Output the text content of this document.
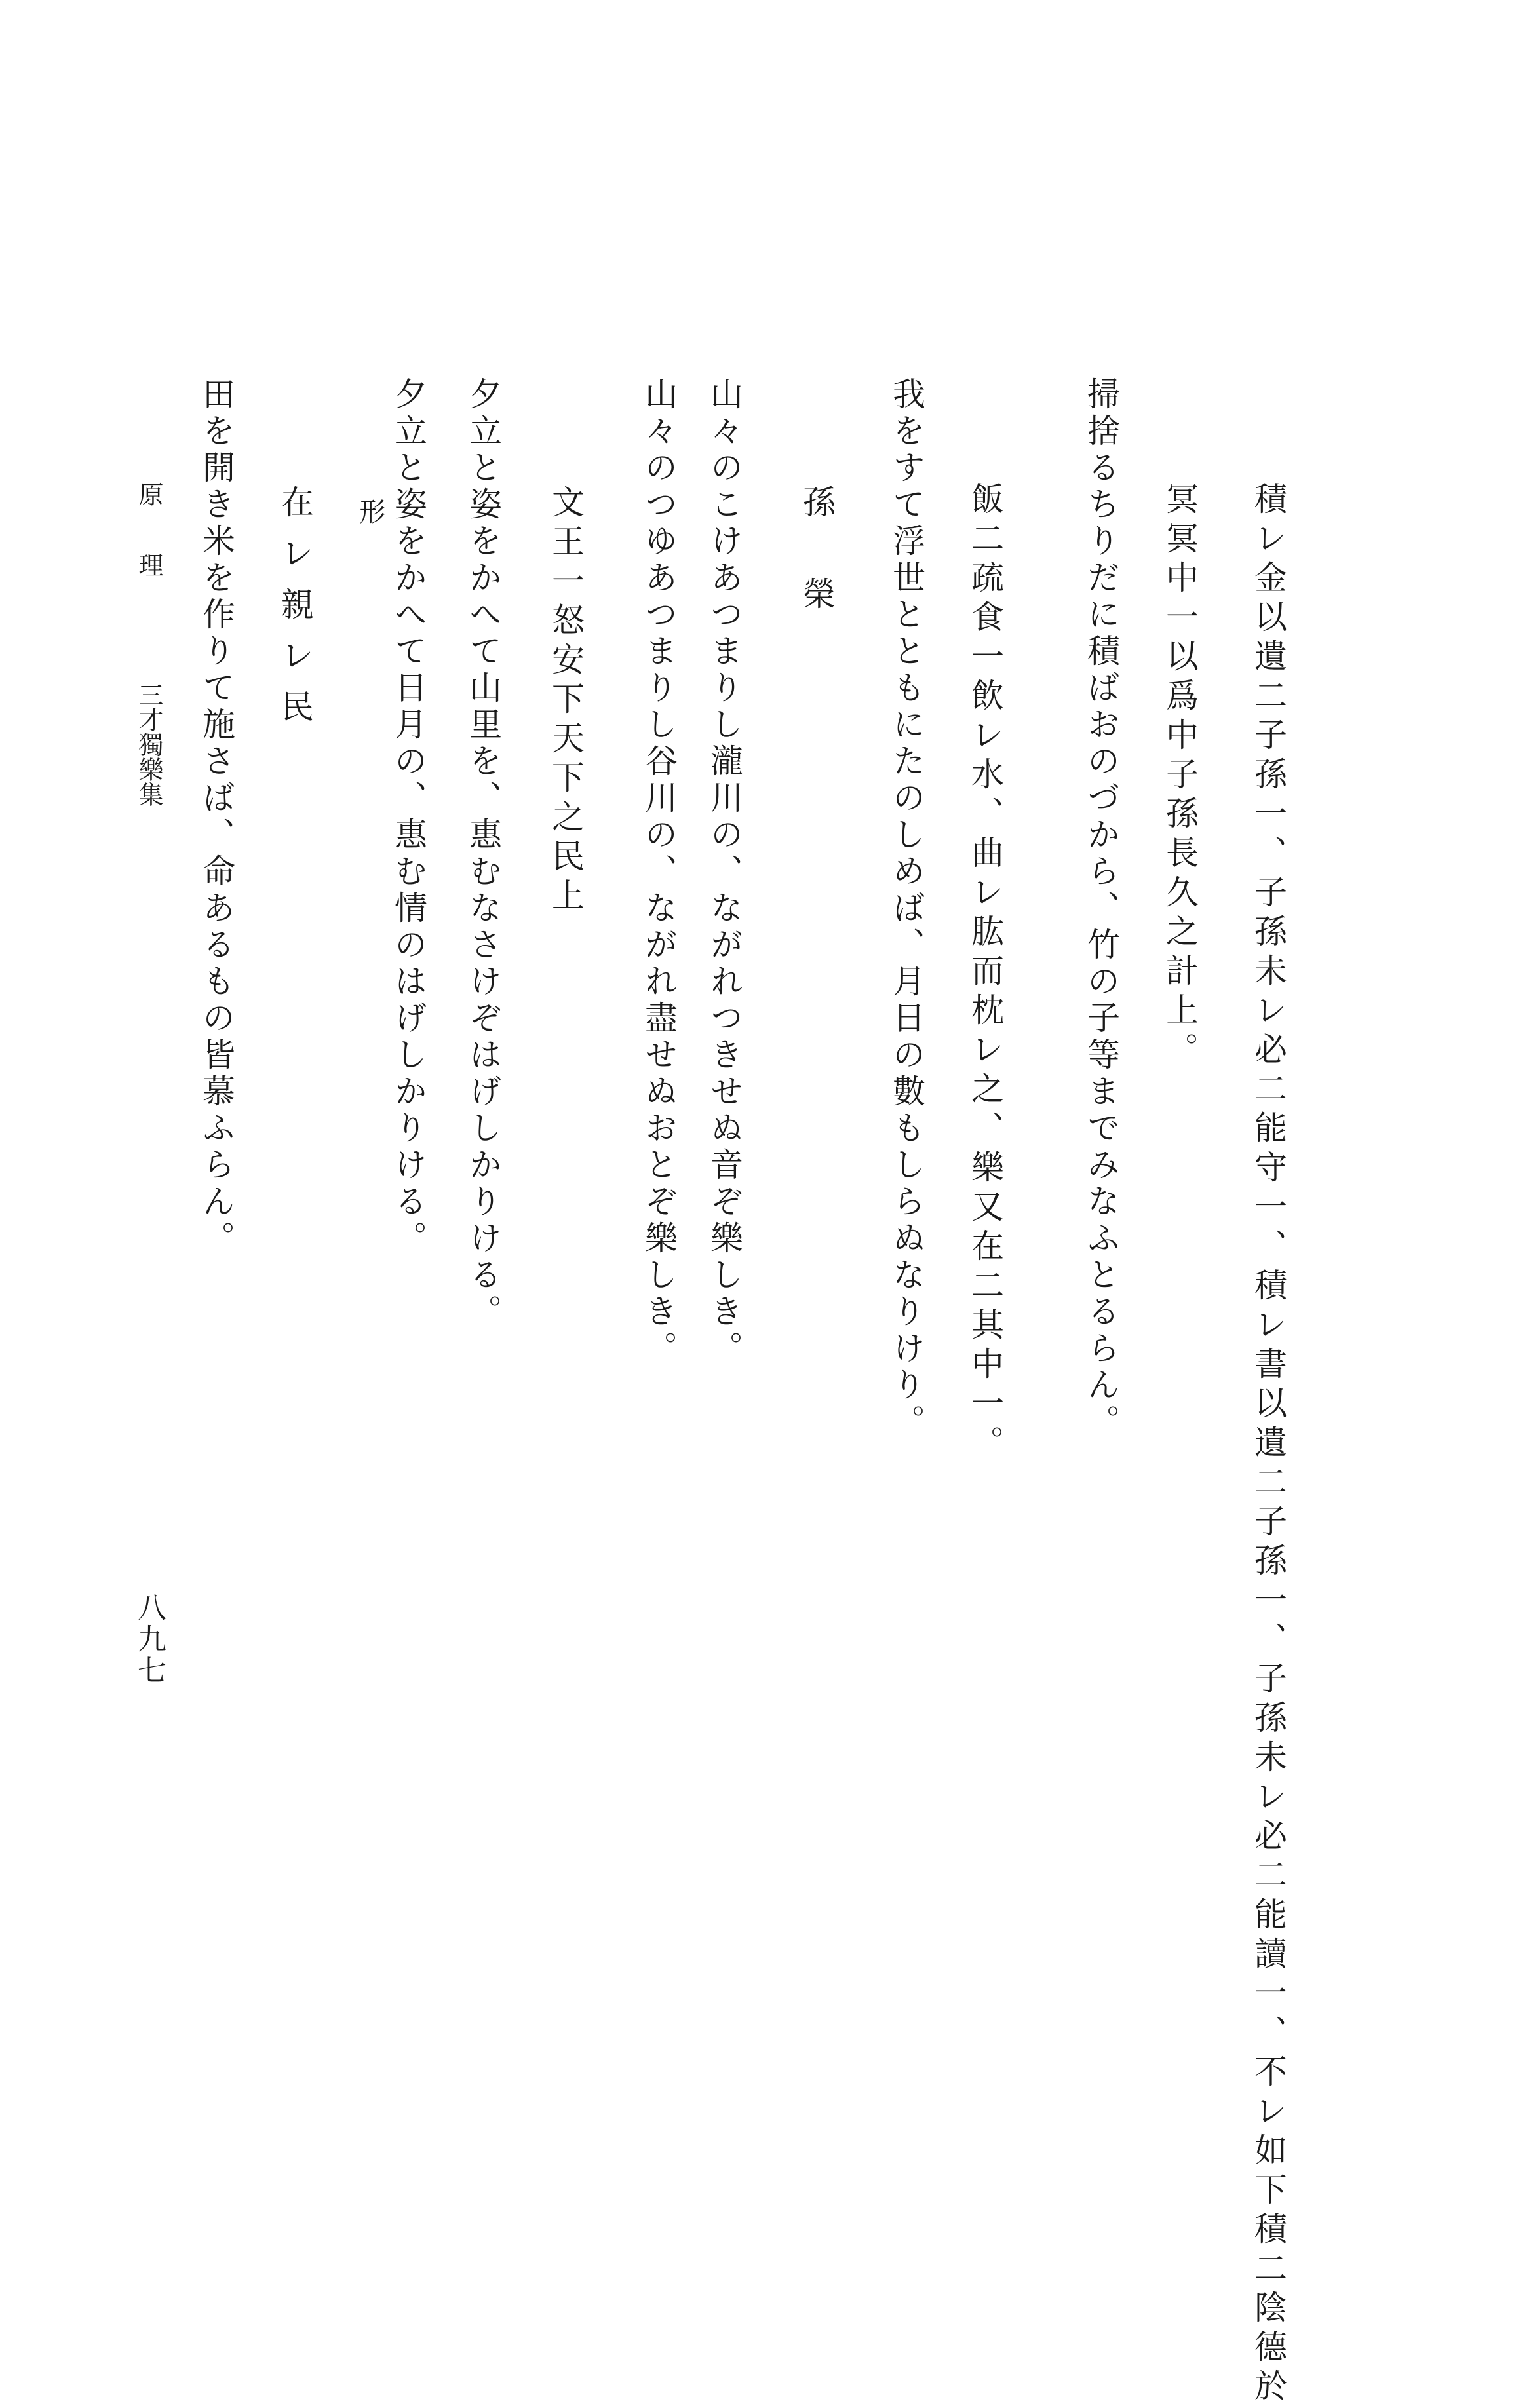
積レ金以遺二子孫一、子孫未レ必二能守一、積レ書以遺二子孫一、子孫未レ必二能讀一、不レ如下積二陰德於
冥冥中一以爲中子孫長久之計上。
掃捨るちりだに積ばおのづから、竹の子等までみなふとるらん。
飯二疏食一飲レ水、曲レ肱而枕レ之、樂又在二其中一。
我をすて浮世とともにたのしめば、月日の數もしらぬなりけり。
孫榮
山々のこけあつまりし瀧川の、ながれつきせぬ音ぞ樂しき。
山々のつゆあつまりし谷川の、ながれ盡せぬおとぞ樂しき。
文王一怒安下天下之民上
夕立と姿をかへて山里を、惠むなさけぞはげしかりける。
夕立と姿をかへて日月の、惠む情のはげしかりける。
形
在レ親レ民
田を開き米を作りて施さば、命あるもの皆慕ふらん。
原理三才獨樂集
八九七
